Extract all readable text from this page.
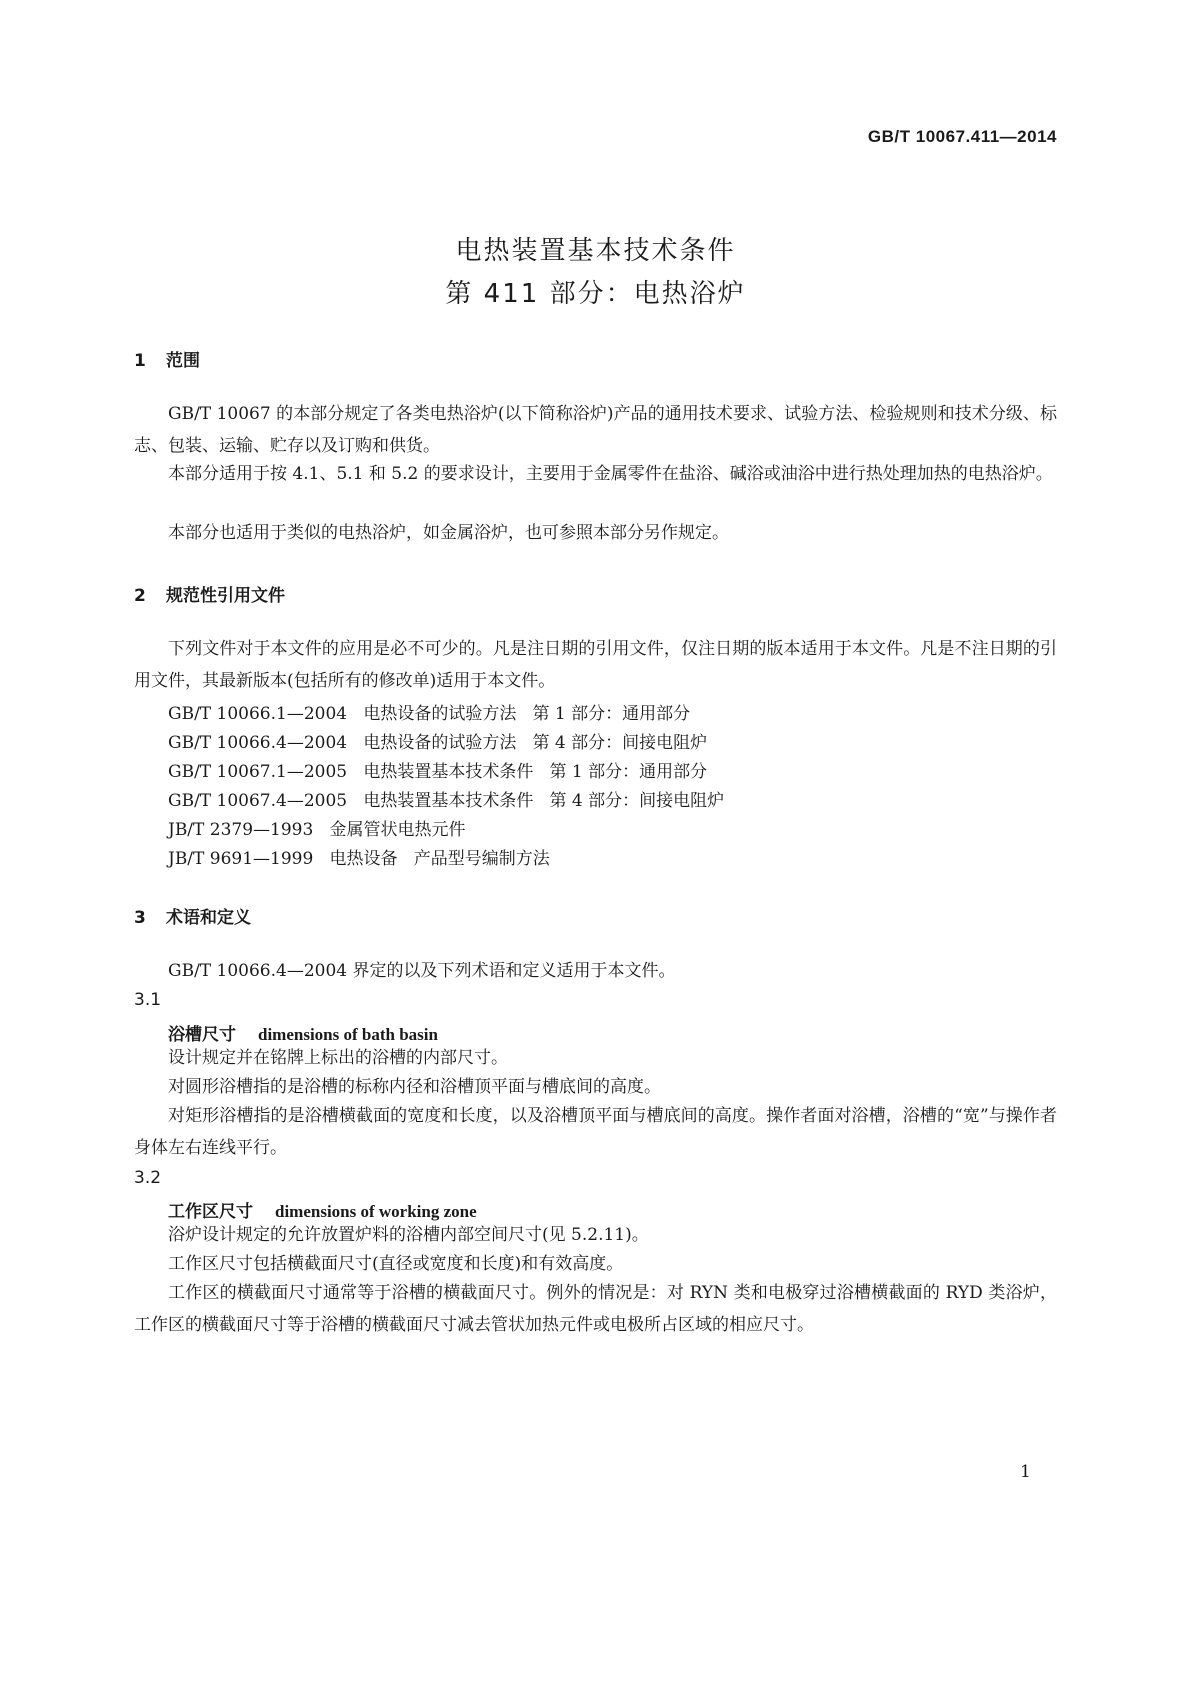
GB/T 10067.411—2014
电热装置基本技术条件
第 411 部分：电热浴炉
1 范围
GB/T 10067 的本部分规定了各类电热浴炉(以下简称浴炉)产品的通用技术要求、试验方法、检验规则和技术分级、标志、包装、运输、贮存以及订购和供货。
本部分适用于按 4.1、5.1 和 5.2 的要求设计，主要用于金属零件在盐浴、碱浴或油浴中进行热处理加热的电热浴炉。
本部分也适用于类似的电热浴炉，如金属浴炉，也可参照本部分另作规定。
2 规范性引用文件
下列文件对于本文件的应用是必不可少的。凡是注日期的引用文件，仅注日期的版本适用于本文件。凡是不注日期的引用文件，其最新版本(包括所有的修改单)适用于本文件。
GB/T 10066.1—2004   电热设备的试验方法   第 1 部分：通用部分
GB/T 10066.4—2004   电热设备的试验方法   第 4 部分：间接电阻炉
GB/T 10067.1—2005   电热装置基本技术条件   第 1 部分：通用部分
GB/T 10067.4—2005   电热装置基本技术条件   第 4 部分：间接电阻炉
JB/T 2379—1993   金属管状电热元件
JB/T 9691—1999   电热设备   产品型号编制方法
3 术语和定义
GB/T 10066.4—2004 界定的以及下列术语和定义适用于本文件。
3.1
浴槽尺寸 dimensions of bath basin
设计规定并在铭牌上标出的浴槽的内部尺寸。
对圆形浴槽指的是浴槽的标称内径和浴槽顶平面与槽底间的高度。
对矩形浴槽指的是浴槽横截面的宽度和长度，以及浴槽顶平面与槽底间的高度。操作者面对浴槽，浴槽的“宽”与操作者身体左右连线平行。
3.2
工作区尺寸 dimensions of working zone
浴炉设计规定的允许放置炉料的浴槽内部空间尺寸(见 5.2.11)。
工作区尺寸包括横截面尺寸(直径或宽度和长度)和有效高度。
工作区的横截面尺寸通常等于浴槽的横截面尺寸。例外的情况是：对 RYN 类和电极穿过浴槽横截面的 RYD 类浴炉，工作区的横截面尺寸等于浴槽的横截面尺寸减去管状加热元件或电极所占区域的相应尺寸。
1
